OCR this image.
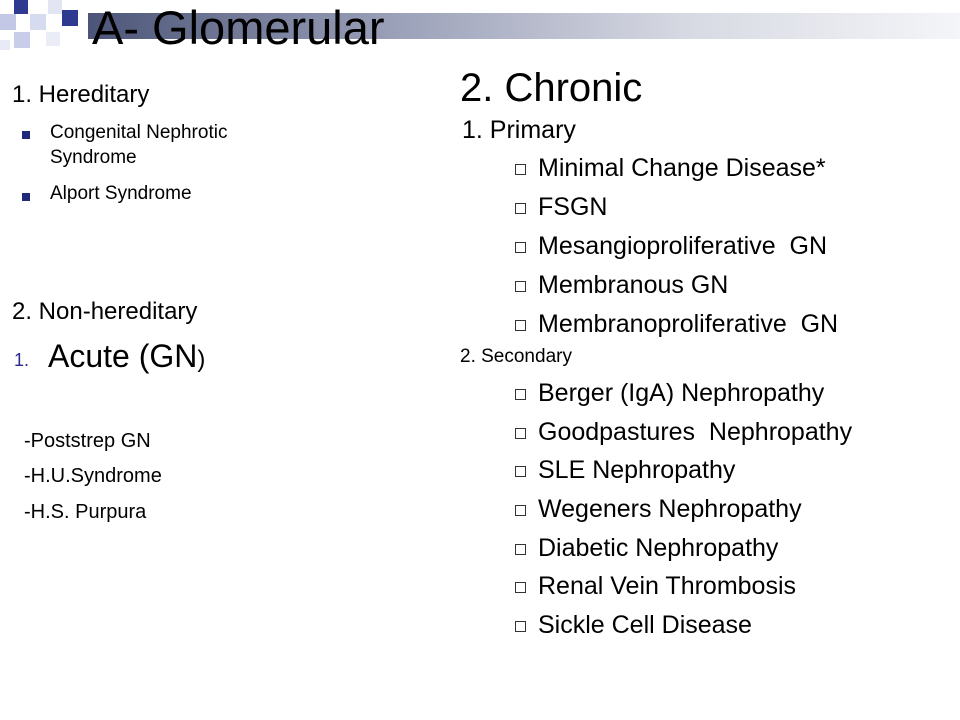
A- Glomerular

1. Hereditary

Congenital Nephrotic

Syndrome

Alport Syndrome

2. Non-hereditary

1. Acute (GN)

-Poststrep GN

-H.U.Syndrome

-H.S. Purpura

2. Chronic

1. Primary

Minimal Change Disease*

FSGN

Mesangioproliferative  GN

Membranous GN

Membranoproliferative  GN

2. Secondary

Berger (IgA) Nephropathy

Goodpastures  Nephropathy

SLE Nephropathy

Wegeners Nephropathy

Diabetic Nephropathy

Renal Vein Thrombosis

Sickle Cell Disease
